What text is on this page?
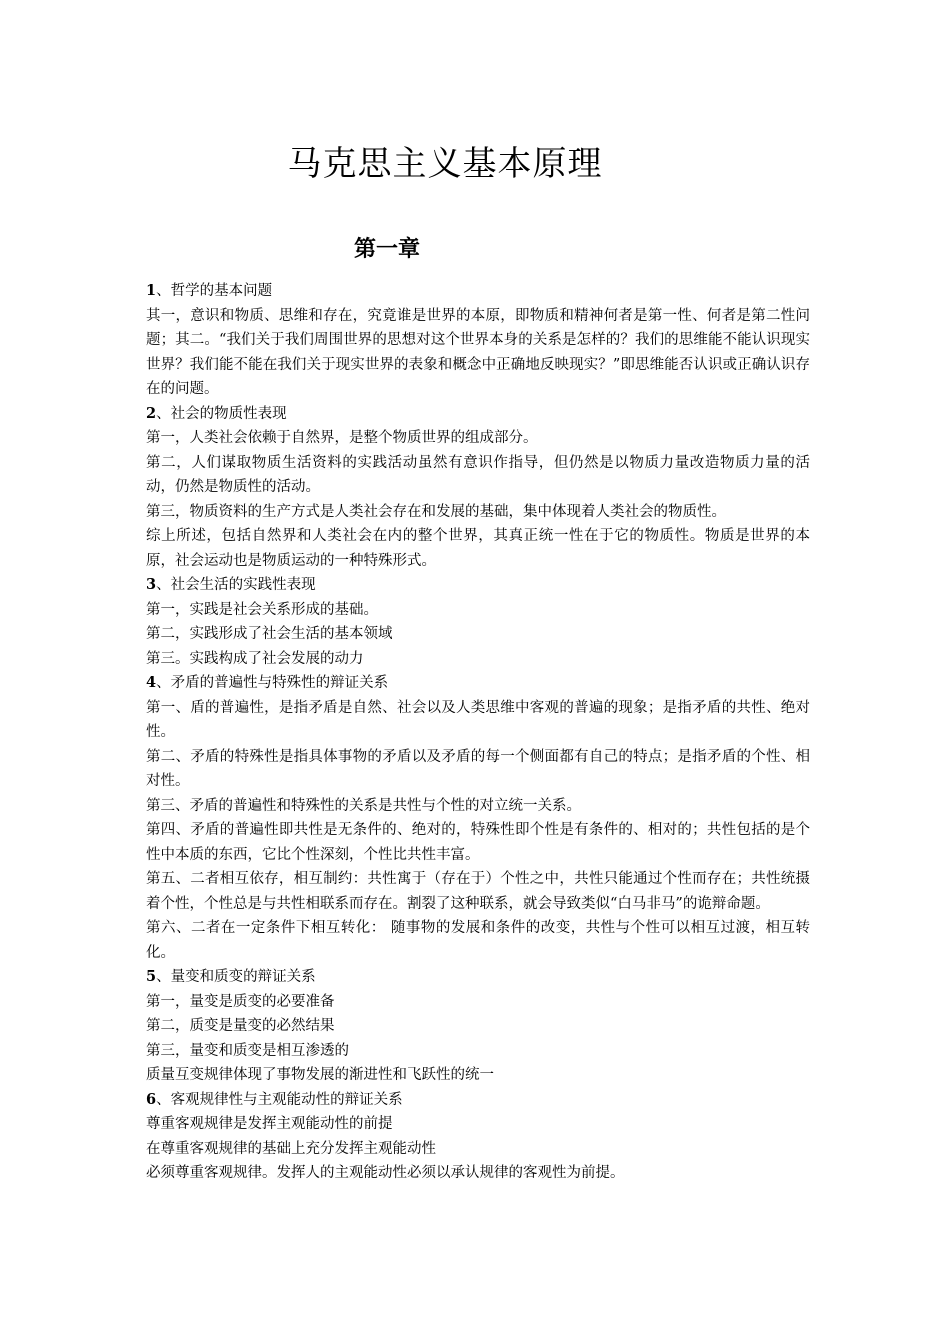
马克思主义基本原理
第一章

1、哲学的基本问题

其一，意识和物质、思维和存在，究竟谁是世界的本原，即物质和精神何者是第一性、何者是第二性问题；其二。“我们关于我们周围世界的思想对这个世界本身的关系是怎样的？我们的思维能不能认识现实世界？我们能不能在我们关于现实世界的表象和概念中正确地反映现实？”即思维能否认识或正确认识存在的问题。

2、社会的物质性表现

第一，人类社会依赖于自然界，是整个物质世界的组成部分。

第二，人们谋取物质生活资料的实践活动虽然有意识作指导，但仍然是以物质力量改造物质力量的活动，仍然是物质性的活动。

第三，物质资料的生产方式是人类社会存在和发展的基础，集中体现着人类社会的物质性。

综上所述，包括自然界和人类社会在内的整个世界，其真正统一性在于它的物质性。物质是世界的本原，社会运动也是物质运动的一种特殊形式。

3、社会生活的实践性表现

第一，实践是社会关系形成的基础。

第二，实践形成了社会生活的基本领域

第三。实践构成了社会发展的动力

4、矛盾的普遍性与特殊性的辩证关系

第一、盾的普遍性，是指矛盾是自然、社会以及人类思维中客观的普遍的现象；是指矛盾的共性、绝对性。

第二、矛盾的特殊性是指具体事物的矛盾以及矛盾的每一个侧面都有自己的特点；是指矛盾的个性、相对性。

第三、矛盾的普遍性和特殊性的关系是共性与个性的对立统一关系。

第四、矛盾的普遍性即共性是无条件的、绝对的，特殊性即个性是有条件的、相对的；共性包括的是个性中本质的东西，它比个性深刻，个性比共性丰富。

第五、二者相互依存，相互制约：共性寓于（存在于）个性之中，共性只能通过个性而存在；共性统摄着个性，个性总是与共性相联系而存在。割裂了这种联系，就会导致类似“白马非马”的诡辩命题。

第六、二者在一定条件下相互转化： 随事物的发展和条件的改变，共性与个性可以相互过渡，相互转化。

5、量变和质变的辩证关系

第一，量变是质变的必要准备

第二，质变是量变的必然结果

第三，量变和质变是相互渗透的

质量互变规律体现了事物发展的渐进性和飞跃性的统一

6、客观规律性与主观能动性的辩证关系

尊重客观规律是发挥主观能动性的前提

在尊重客观规律的基础上充分发挥主观能动性

必须尊重客观规律。发挥人的主观能动性必须以承认规律的客观性为前提。
